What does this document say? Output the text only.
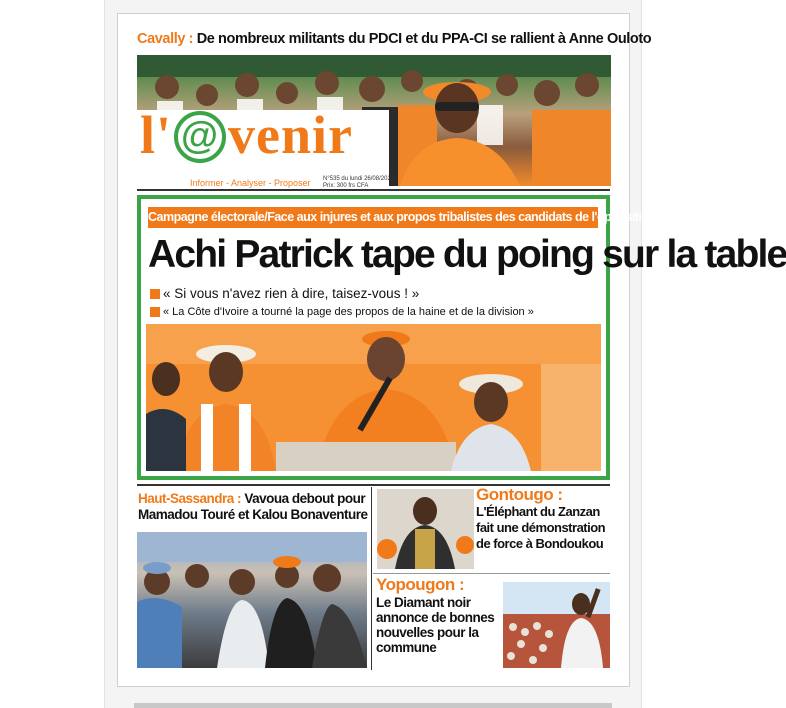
Cavally : De nombreux militants du PDCI et du PPA-CI se rallient à Anne Ouloto
l' @ venir
Informer - Analyser - Proposer N°535 du lundi 26/08/2021
Prix: 300 frs CFA
Campagne électorale/Face aux injures et aux propos tribalistes des candidats de l'opposition
Achi Patrick tape du poing sur la table
« Si vous n'avez rien à dire, taisez-vous ! »
« La Côte d'Ivoire a tourné la page des propos de la haine et de la division »
Haut-Sassandra : Vavoua debout pour Mamadou Touré et Kalou Bonaventure
Gontougo :
L'Éléphant du Zanzan fait une démonstration de force à Bondoukou
Yopougon :
Le Diamant noir annonce de bonnes nouvelles pour la commune
